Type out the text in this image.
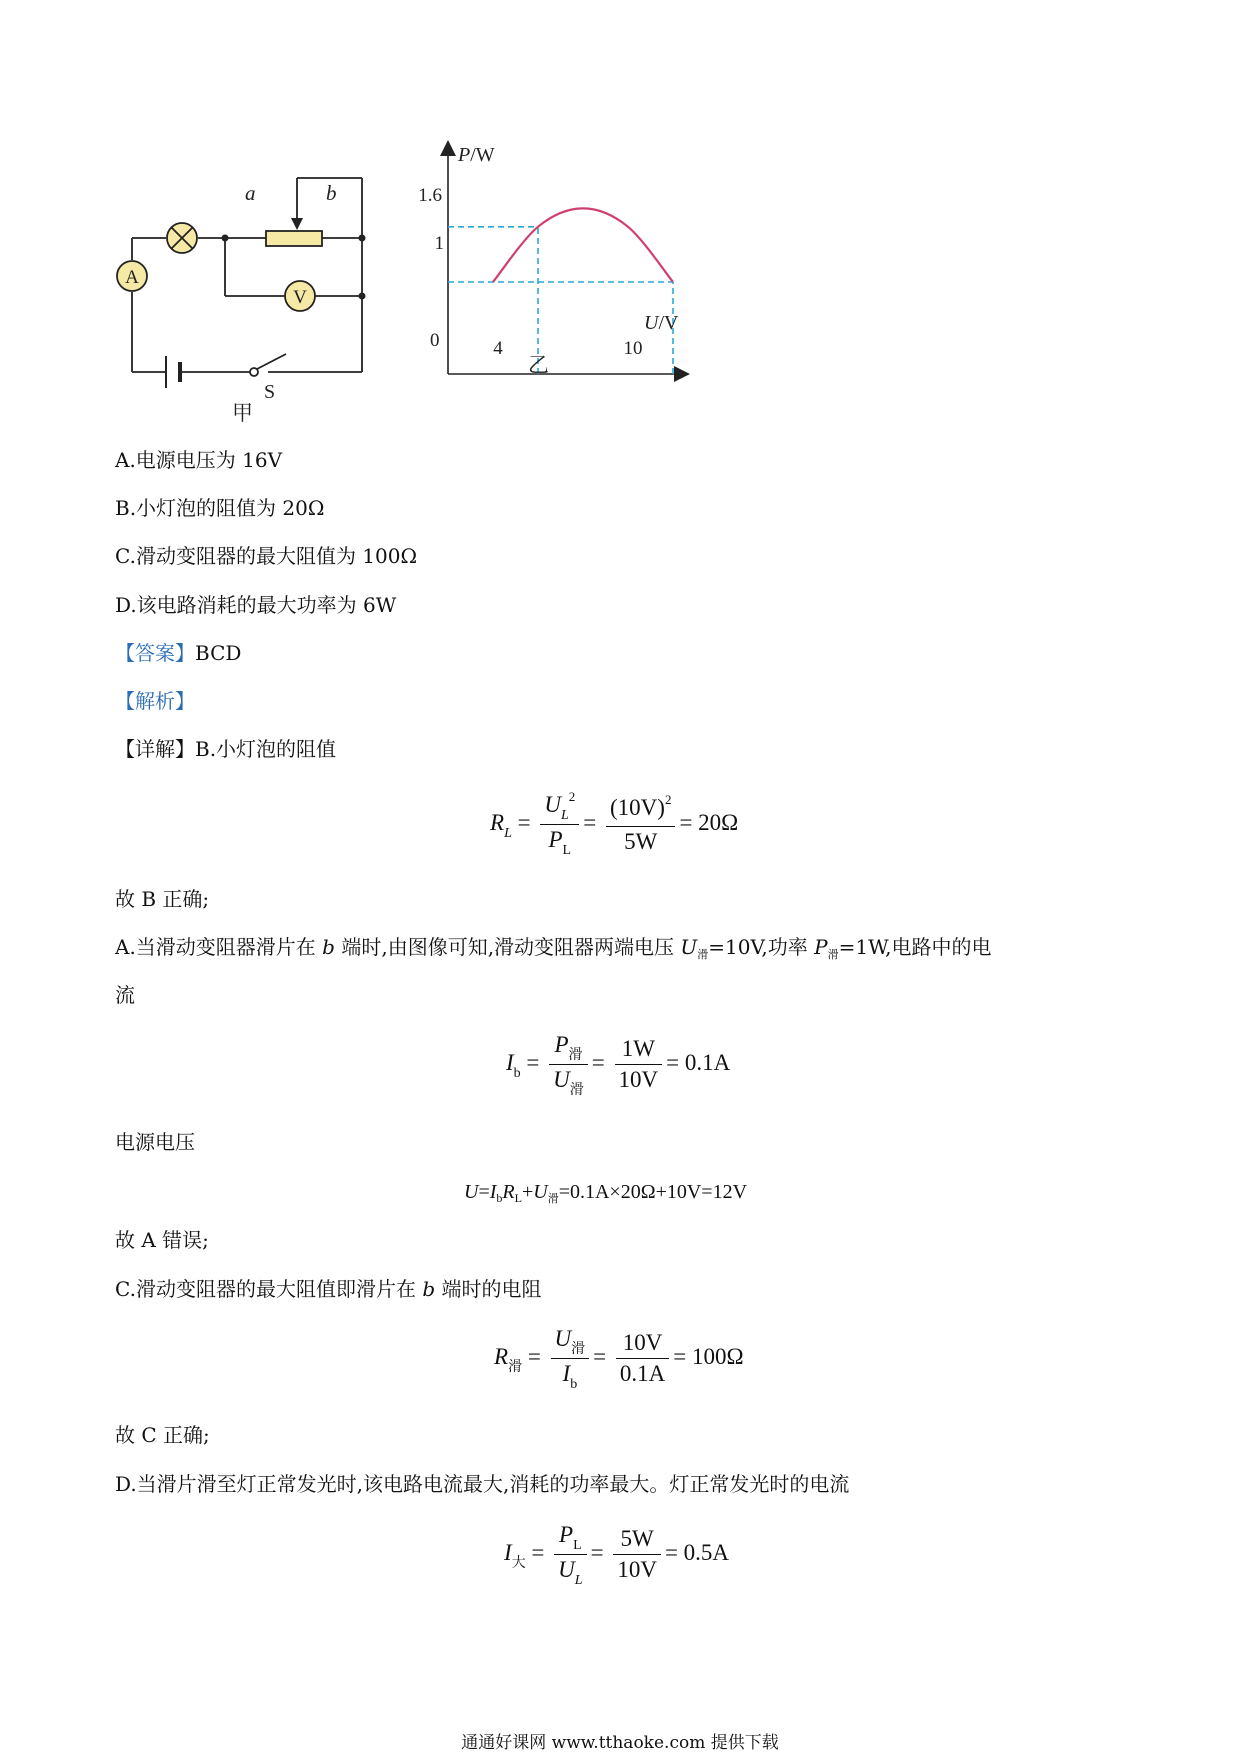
a	b
A
V
S
甲
P/W
U/V
0
1.6
1
4	10
乙
A.电源电压为 16V
B.小灯泡的阻值为 20Ω
C.滑动变阻器的最大阻值为 100Ω
D.该电路消耗的最大功率为 6W
【答案】BCD
【解析】
【详解】B.小灯泡的阻值
$R_L = \frac{U_L^2}{P_L} = \frac{(10V)^2}{5W} = 20\Omega$
故 B 正确;
A.当滑动变阻器滑片在 b 端时,由图像可知,滑动变阻器两端电压 $U_滑=10V$,功率 $P_滑=1W$,电路中的电
流
$I_b = \frac{P_滑}{U_滑} = \frac{1W}{10V} = 0.1A$
电源电压
$U=I_bR_L+U_滑=0.1A\times 20\Omega+10V=12V$
故 A 错误;
C.滑动变阻器的最大阻值即滑片在 b 端时的电阻
$R_滑 = \frac{U_滑}{I_b} = \frac{10V}{0.1A} = 100\Omega$
故 C 正确;
D.当滑片滑至灯正常发光时,该电路电流最大,消耗的功率最大。灯正常发光时的电流
$I_大 = \frac{P_L}{U_L} = \frac{5W}{10V} = 0.5A$
通通好课网 www.tthaoke.com 提供下载
